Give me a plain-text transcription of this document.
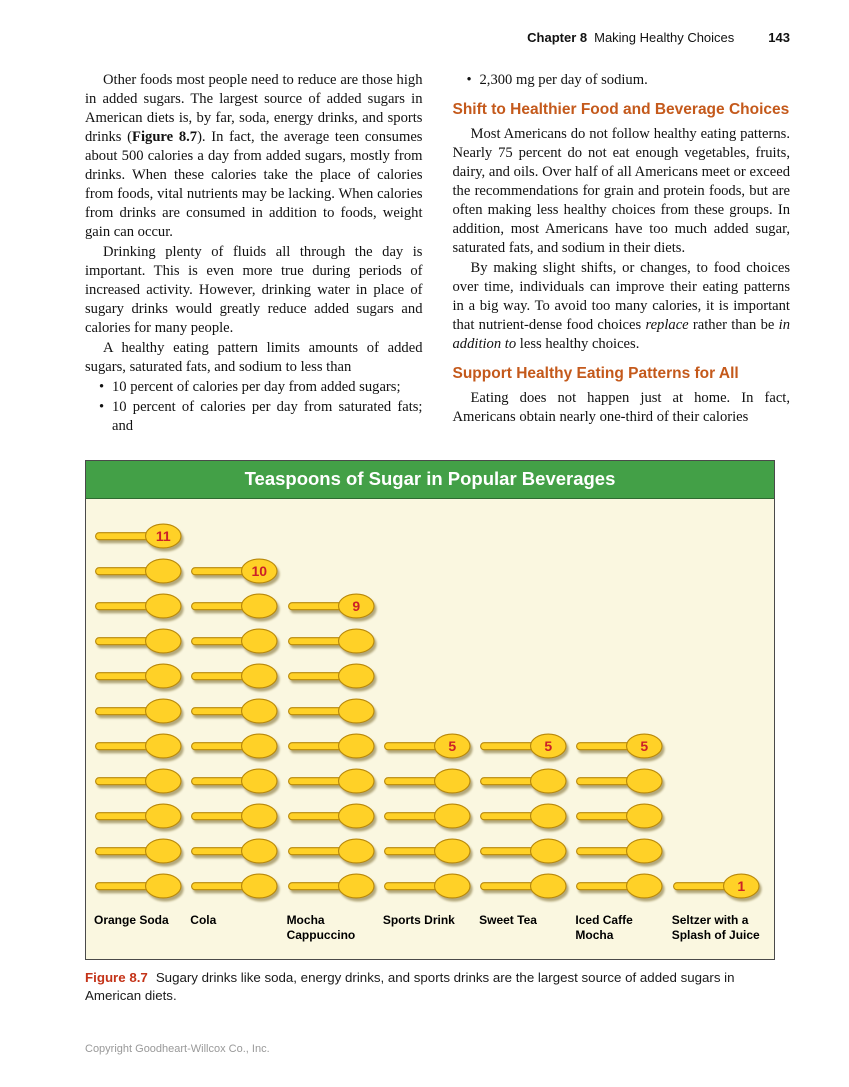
Chapter 8 Making Healthy Choices	143

Other foods most people need to reduce are those high in added sugars. The largest source of added sugars in American diets is, by far, soda, energy drinks, and sports drinks (Figure 8.7). In fact, the average teen consumes about 500 calories a day from added sugars, mostly from drinks. When these calories take the place of calories from foods, vital nutrients may be lacking. When calories from drinks are consumed in addition to foods, weight gain can occur.

Drinking plenty of fluids all through the day is important. This is even more true during periods of increased activity. However, drinking water in place of sugary drinks would greatly reduce added sugars and calories for many people.

A healthy eating pattern limits amounts of added sugars, saturated fats, and sodium to less than

• 10 percent of calories per day from added sugars;
• 10 percent of calories per day from saturated fats; and
• 2,300 mg per day of sodium.
Shift to Healthier Food and Beverage Choices

Most Americans do not follow healthy eating patterns. Nearly 75 percent do not eat enough vegetables, fruits, dairy, and oils. Over half of all Americans meet or exceed the recommendations for grain and protein foods, but are often making less healthy choices from these groups. In addition, most Americans have too much added sugar, saturated fats, and sodium in their diets.

By making slight shifts, or changes, to food choices over time, individuals can improve their eating patterns in a big way. To avoid too many calories, it is important that nutrient-dense food choices replace rather than be in addition to less healthy choices.

Support Healthy Eating Patterns for All

Eating does not happen just at home. In fact, Americans obtain nearly one-third of their calories

Teaspoons of Sugar in Popular Beverages
11
Orange Soda
10
Cola
9
Mocha Cappuccino
5
Sports Drink
5
Sweet Tea
5
Iced Caffe Mocha
1
Seltzer with a Splash of Juice
Figure 8.7 Sugary drinks like soda, energy drinks, and sports drinks are the largest source of added sugars in American diets.
Copyright Goodheart-Willcox Co., Inc.
